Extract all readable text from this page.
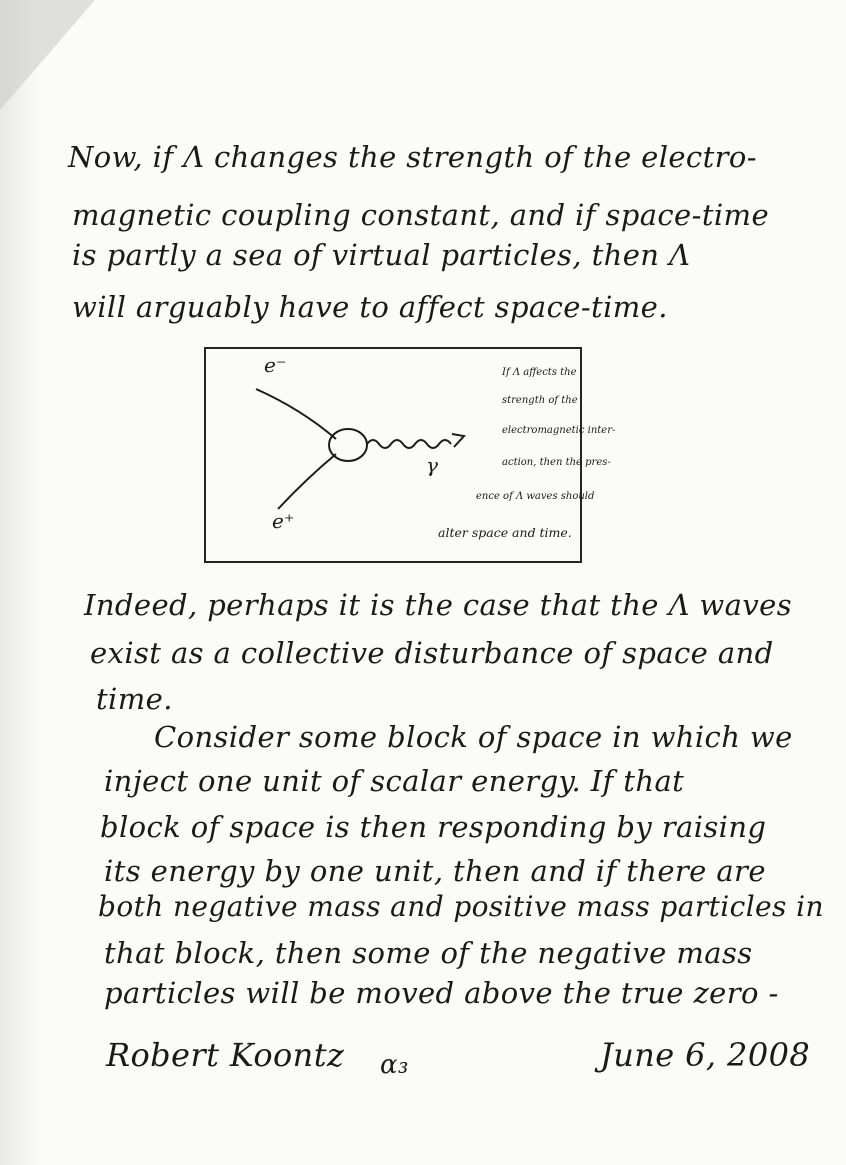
Now, if Λ changes the strength of the electro-

magnetic coupling constant, and if space-time

is partly a sea of virtual particles, then Λ

will arguably have to affect space-time.

e⁻

e⁺

γ

If Λ affects the

strength of the

electromagnetic inter-

action, then the pres-

ence of Λ waves should

alter space and time.

Indeed, perhaps it is the case that the Λ waves

exist as a collective disturbance of space and

time.

Consider some block of space in which we

inject one unit of scalar energy. If that

block of space is then responding by raising

its energy by one unit, then and if there are

both negative mass and positive mass particles in

that block, then some of the negative mass

particles will be moved above the true zero -

Robert Koontz α₃	June 6, 2008
